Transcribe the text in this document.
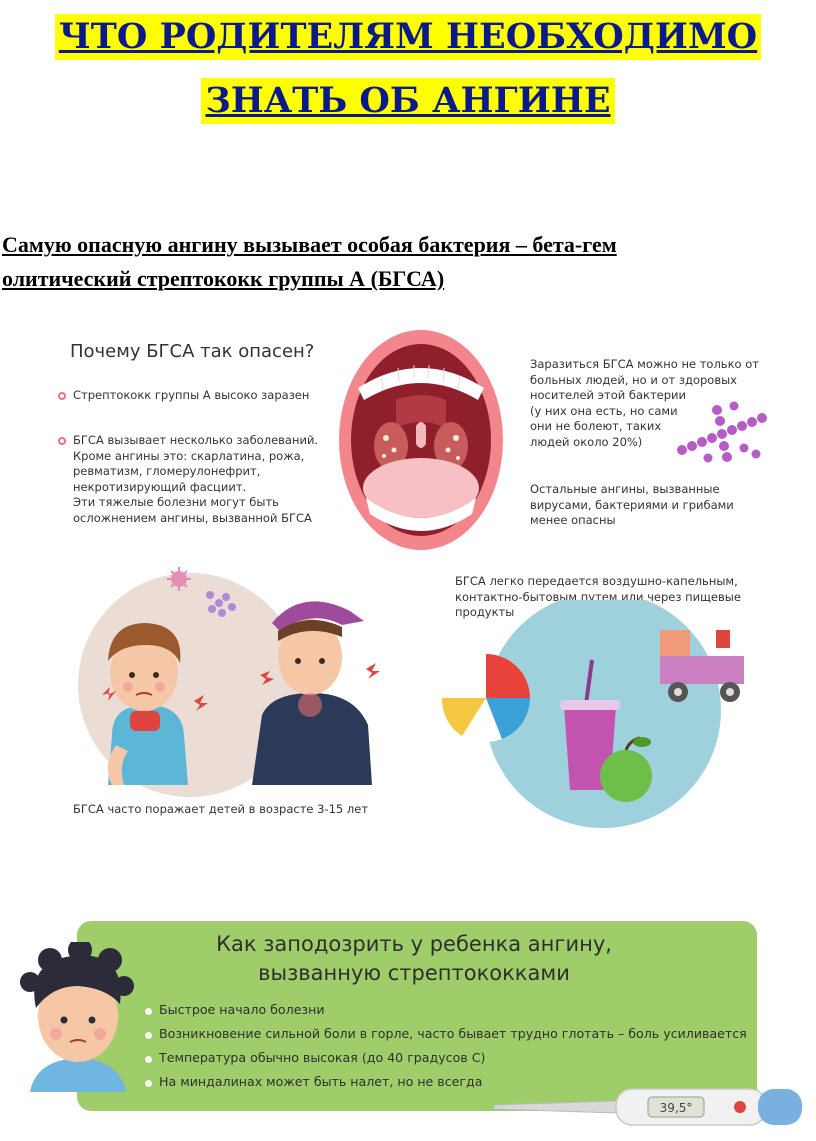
ЧТО РОДИТЕЛЯМ НЕОБХОДИМО
ЗНАТЬ ОБ АНГИНЕ
Самую опасную ангину вызывает особая бактерия – бета-гем
олитический стрептококк группы А (БГСА)
Почему БГСА так опасен?
Стрептококк группы А высоко заразен
БГСА вызывает несколько заболеваний.
Кроме ангины это: скарлатина, рожа,
ревматизм, гломерулонефрит,
некротизирующий фасциит.
Эти тяжелые болезни могут быть
осложнением ангины, вызванной БГСА
Заразиться БГСА можно не только от
больных людей, но и от здоровых
носителей этой бактерии
(у них она есть, но сами
они не болеют, таких
людей около 20%)
Остальные ангины, вызванные
вирусами, бактериями и грибами
менее опасны
БГСА часто поражает детей в возрасте 3-15 лет
БГСА легко передается воздушно-капельным,
контактно-бытовым путем или через пищевые
продукты
Как заподозрить у ребенка ангину,
вызванную стрептококками
Быстрое начало болезни
Возникновение сильной боли в горле, часто бывает трудно глотать – боль усиливается
Температура обычно высокая (до 40 градусов С)
На миндалинах может быть налет, но не всегда
39,5°
